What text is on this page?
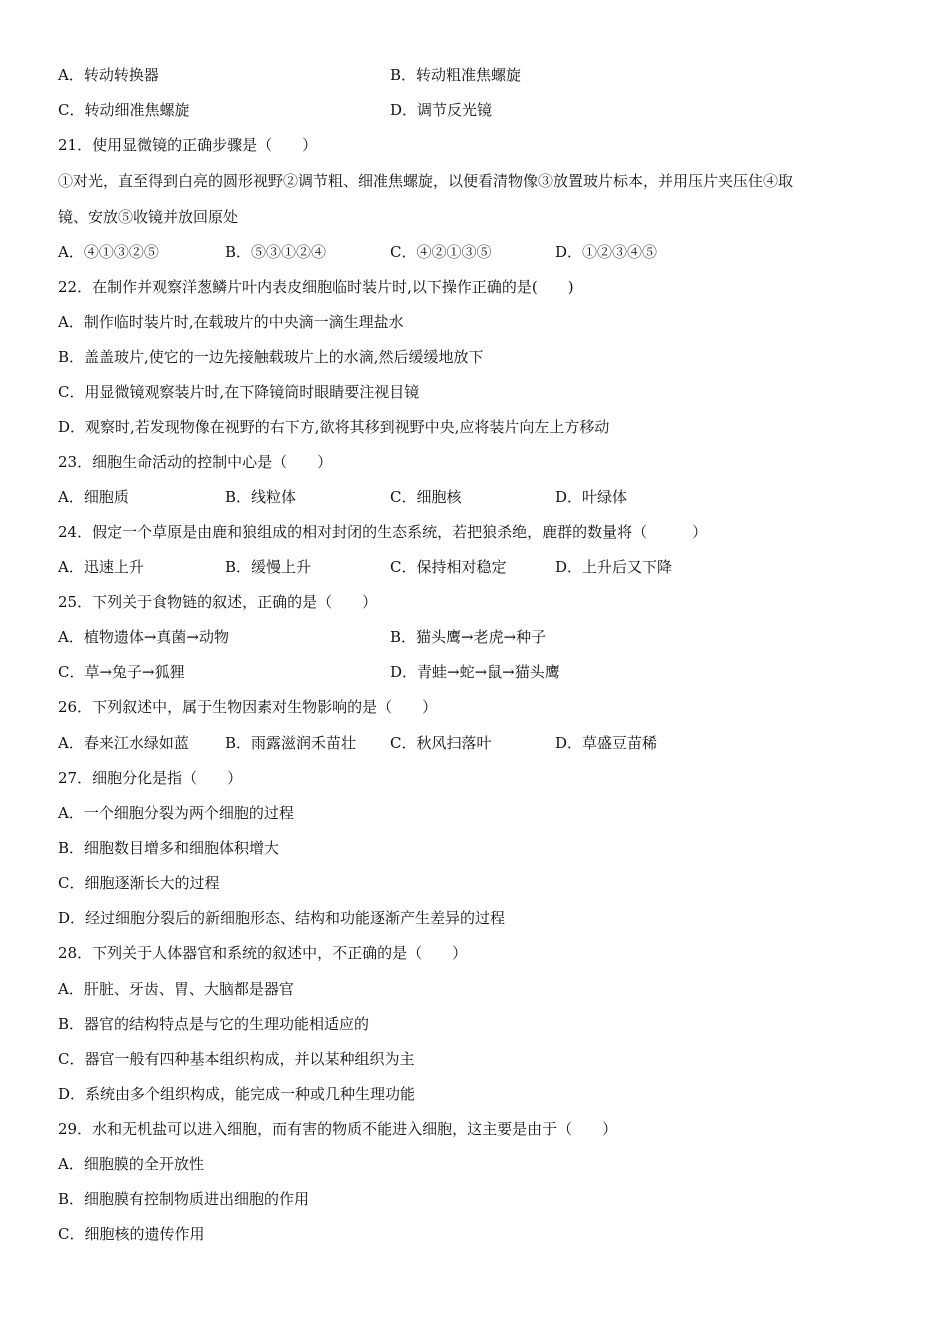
A．转动转换器	B．转动粗准焦螺旋
C．转动细准焦螺旋	D．调节反光镜
21．使用显微镜的正确步骤是（　　）
①对光，直至得到白亮的圆形视野②调节粗、细准焦螺旋，以便看清物像③放置玻片标本，并用压片夹压住④取
镜、安放⑤收镜并放回原处
A．④①③②⑤	B．⑤③①②④	C．④②①③⑤	D．①②③④⑤
22．在制作并观察洋葱鳞片叶内表皮细胞临时装片时,以下操作正确的是(　　)
A．制作临时装片时,在载玻片的中央滴一滴生理盐水
B．盖盖玻片,使它的一边先接触载玻片上的水滴,然后缓缓地放下
C．用显微镜观察装片时,在下降镜筒时眼睛要注视目镜
D．观察时,若发现物像在视野的右下方,欲将其移到视野中央,应将装片向左上方移动
23．细胞生命活动的控制中心是（　　）
A．细胞质	B．线粒体	C．细胞核	D．叶绿体
24．假定一个草原是由鹿和狼组成的相对封闭的生态系统，若把狼杀绝，鹿群的数量将（　　　）
A．迅速上升	B．缓慢上升	C．保持相对稳定	D．上升后又下降
25．下列关于食物链的叙述，正确的是（　　）
A．植物遗体→真菌→动物	B．猫头鹰→老虎→种子
C．草→兔子→狐狸	D．青蛙→蛇→鼠→猫头鹰
26．下列叙述中，属于生物因素对生物影响的是（　　）
A．春来江水绿如蓝 B．雨露滋润禾苗壮 C．秋风扫落叶	D．草盛豆苗稀
27．细胞分化是指（　　）
A．一个细胞分裂为两个细胞的过程
B．细胞数目增多和细胞体积增大
C．细胞逐渐长大的过程
D．经过细胞分裂后的新细胞形态、结构和功能逐渐产生差异的过程
28．下列关于人体器官和系统的叙述中，不正确的是（　　）
A．肝脏、牙齿、胃、大脑都是器官
B．器官的结构特点是与它的生理功能相适应的
C．器官一般有四种基本组织构成，并以某种组织为主
D．系统由多个组织构成，能完成一种或几种生理功能
29．水和无机盐可以进入细胞，而有害的物质不能进入细胞，这主要是由于（　　）
A．细胞膜的全开放性
B．细胞膜有控制物质进出细胞的作用
C．细胞核的遗传作用
